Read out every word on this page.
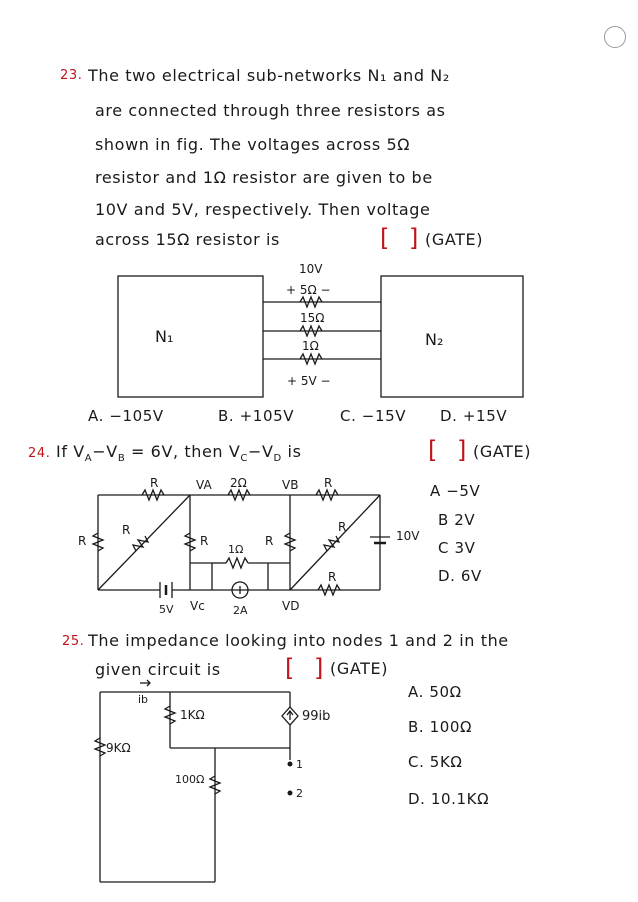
23. The two electrical sub-networks N₁ and N₂
are connected through three resistors as
shown in fig. The voltages across 5Ω
resistor and 1Ω resistor are given to be
10V and 5V, respectively. Then voltage
across 15Ω resistor is	[ ] (GATE)
N₁	N₂
10V
+ 5Ω −
15Ω
1Ω
+ 5V −
A. −105V	B. +105V	C. −15V D. +15V
24. If $V_A-V_B = 6V$, then $V_C-V_D$ is	[ ] (GATE)
R	VA 2Ω	VB R
R
R
R
1Ω
R
R
10V
R
5V Vc	2A	VD
A −5V
B 2V
C 3V
D. 6V
25. The impedance looking into nodes 1 and 2 in the
given circuit is	[ ] (GATE)
ib
1KΩ	99ib
9KΩ
1
100Ω
2
A. 50Ω
B. 100Ω
C. 5KΩ
D. 10.1KΩ
